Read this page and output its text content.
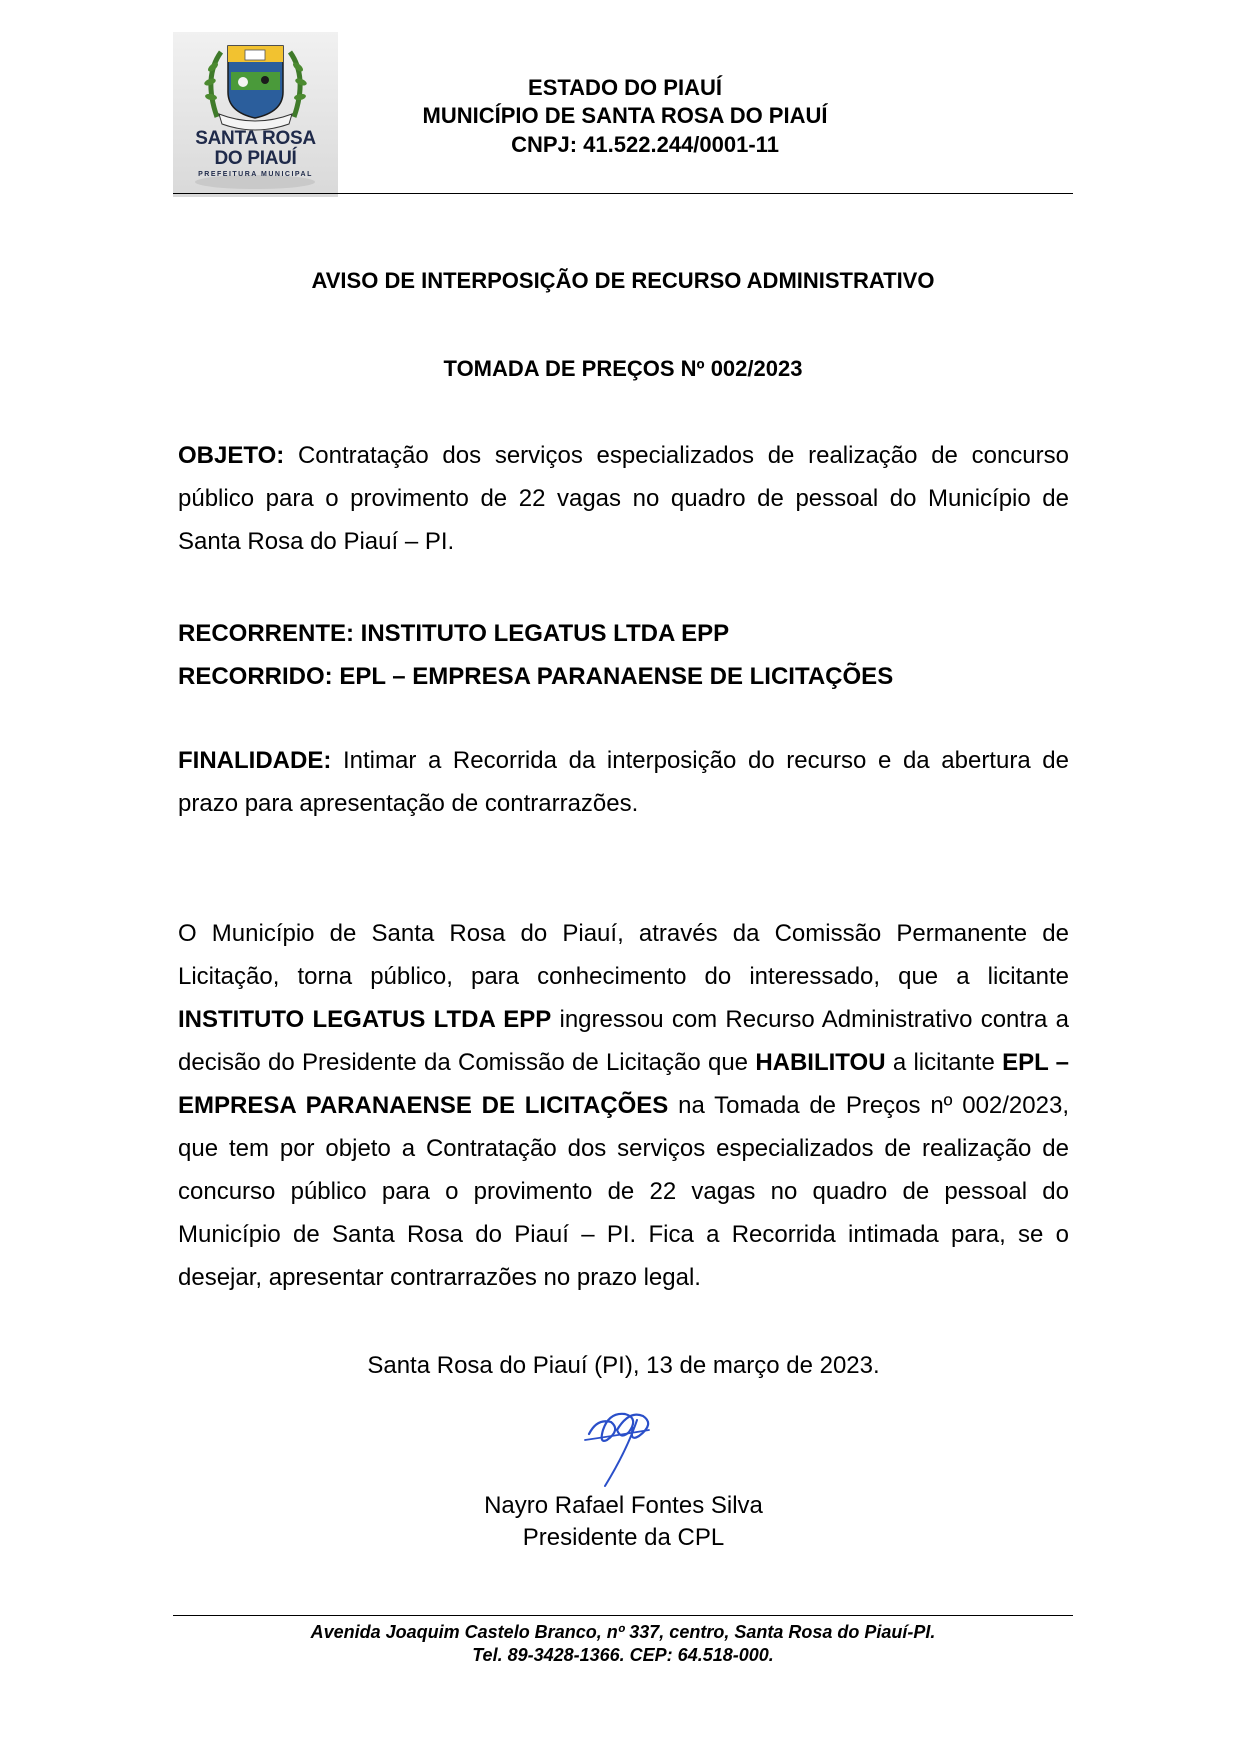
SANTA ROSA
DO PIAUÍ
PREFEITURA MUNICIPAL
ESTADO DO PIAUÍ
MUNICÍPIO DE SANTA ROSA DO PIAUÍ
CNPJ: 41.522.244/0001-11
AVISO DE INTERPOSIÇÃO DE RECURSO ADMINISTRATIVO
TOMADA DE PREÇOS Nº 002/2023
OBJETO: Contratação dos serviços especializados de realização de concurso público para o provimento de 22 vagas no quadro de pessoal do Município de Santa Rosa do Piauí – PI.
RECORRENTE: INSTITUTO LEGATUS LTDA EPP
RECORRIDO: EPL – EMPRESA PARANAENSE DE LICITAÇÕES
FINALIDADE: Intimar a Recorrida da interposição do recurso e da abertura de prazo para apresentação de contrarrazões.
O Município de Santa Rosa do Piauí, através da Comissão Permanente de Licitação, torna público, para conhecimento do interessado, que a licitante INSTITUTO LEGATUS LTDA EPP ingressou com Recurso Administrativo contra a decisão do Presidente da Comissão de Licitação que HABILITOU a licitante EPL – EMPRESA PARANAENSE DE LICITAÇÕES na Tomada de Preços nº 002/2023, que tem por objeto a Contratação dos serviços especializados de realização de concurso público para o provimento de 22 vagas no quadro de pessoal do Município de Santa Rosa do Piauí – PI. Fica a Recorrida intimada para, se o desejar, apresentar contrarrazões no prazo legal.
Santa Rosa do Piauí (PI), 13 de março de 2023.
Nayro Rafael Fontes Silva
Presidente da CPL
Avenida Joaquim Castelo Branco, nº 337, centro, Santa Rosa do Piauí-PI.
Tel. 89-3428-1366. CEP: 64.518-000.
